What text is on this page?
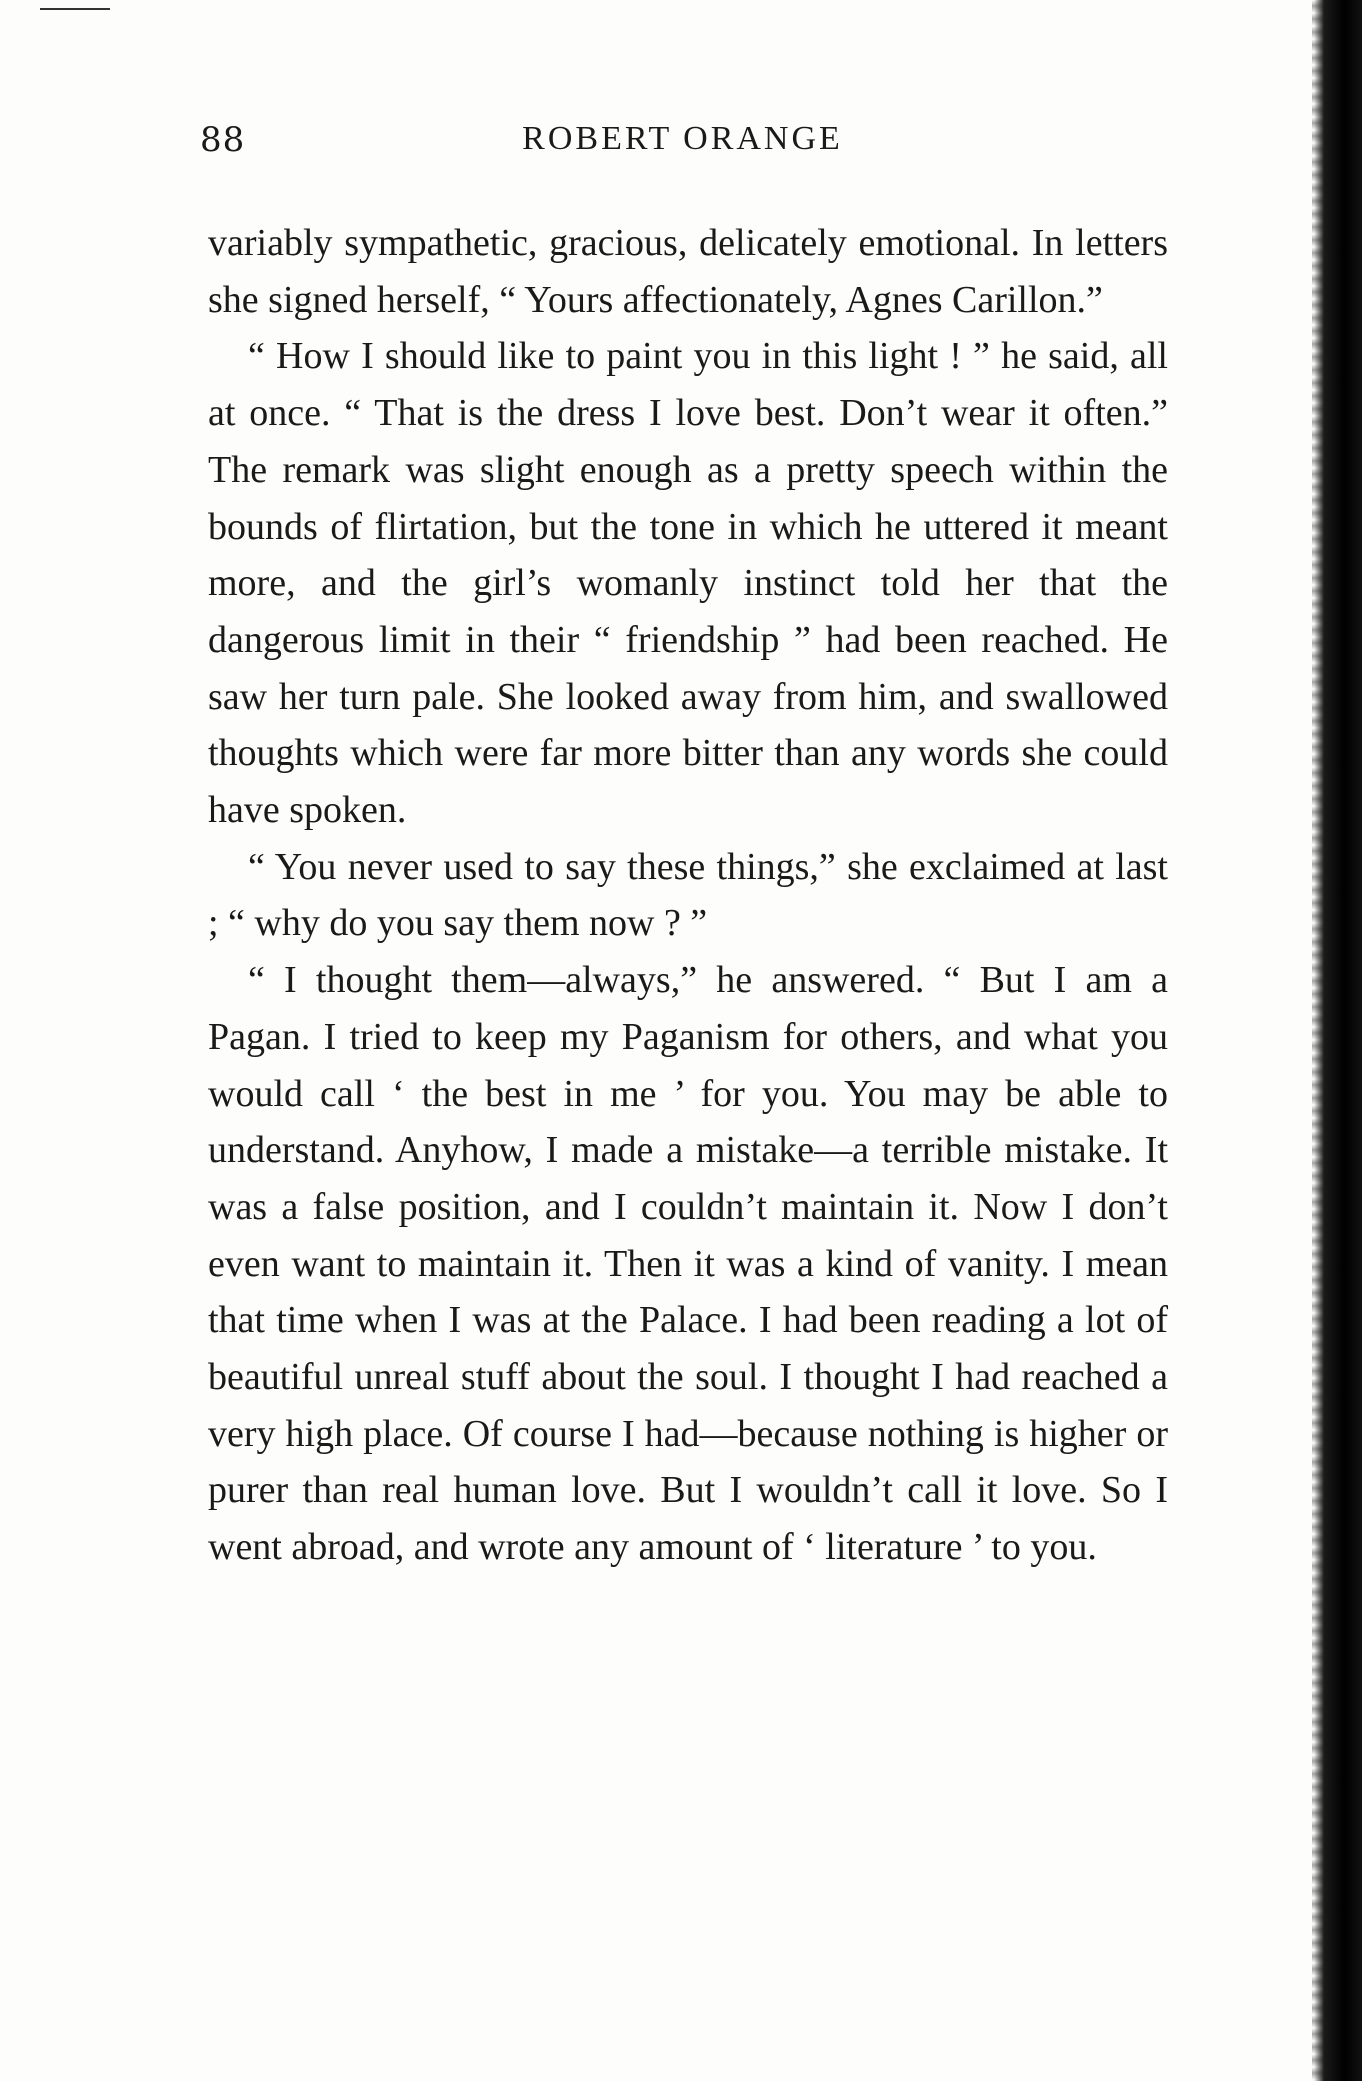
88	ROBERT ORANGE

variably sympathetic, gracious, delicately emotional. In letters she signed herself, “ Yours affectionately, Agnes Carillon.”

“ How I should like to paint you in this light ! ” he said, all at once. “ That is the dress I love best. Don’t wear it often.” The remark was slight enough as a pretty speech within the bounds of flirtation, but the tone in which he uttered it meant more, and the girl’s womanly instinct told her that the dangerous limit in their “ friendship ” had been reached. He saw her turn pale. She looked away from him, and swallowed thoughts which were far more bitter than any words she could have spoken.

“ You never used to say these things,” she exclaimed at last ; “ why do you say them now ? ”

“ I thought them—always,” he answered. “ But I am a Pagan. I tried to keep my Paganism for others, and what you would call ‘ the best in me ’ for you. You may be able to understand. Anyhow, I made a mistake—a terrible mistake. It was a false position, and I couldn’t maintain it. Now I don’t even want to maintain it. Then it was a kind of vanity. I mean that time when I was at the Palace. I had been reading a lot of beautiful unreal stuff about the soul. I thought I had reached a very high place. Of course I had—because nothing is higher or purer than real human love. But I wouldn’t call it love. So I went abroad, and wrote any amount of ‘ literature ’ to you.
